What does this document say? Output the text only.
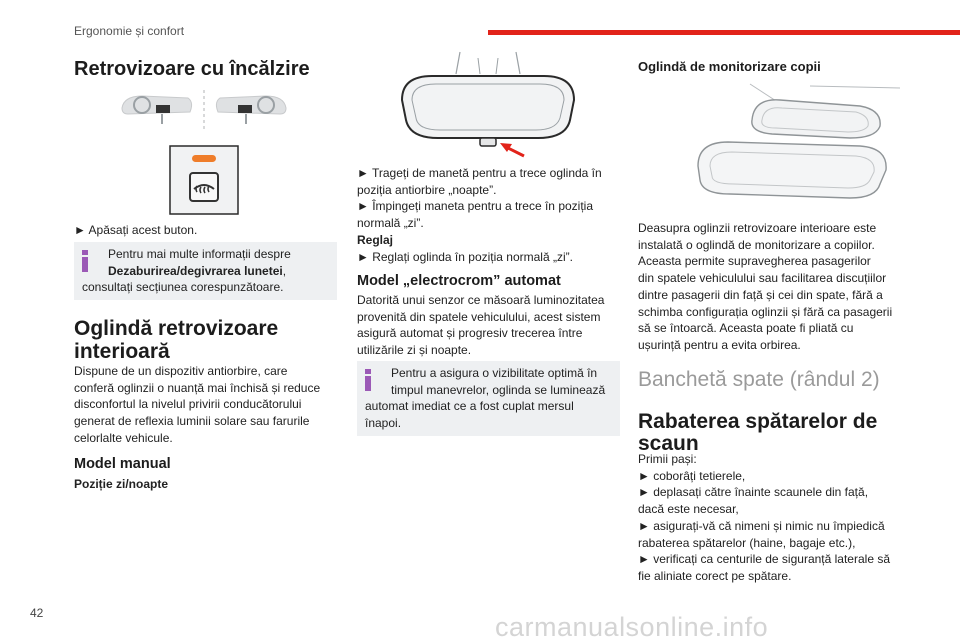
Ergonomie și confort
Retrovizoare cu încălzire

► Apăsați acest buton.

Pentru mai multe informații despre
Dezaburirea/degivrarea lunetei,
consultați secțiunea corespunzătoare.
Oglindă retrovizoare
interioară

Dispune de un dispozitiv antiorbire, care

conferă oglinzii o nuanță mai închisă și reduce

disconfortul la nivelul privirii conducătorului

generat de reflexia luminii solare sau farurile

celorlalte vehicule.

Model manual

Poziție zi/noapte

► Trageți de manetă pentru a trece oglinda în

poziția antiorbire „noapte”.

► Împingeți maneta pentru a trece în poziția

normală „zi”.

Reglaj

► Reglați oglinda în poziția normală „zi”.

Model „electrocrom” automat

Datorită unui senzor ce măsoară luminozitatea

provenită din spatele vehiculului, acest sistem

asigură automat și progresiv trecerea între

utilizările zi și noapte.

Pentru a asigura o vizibilitate optimă în
timpul manevrelor, oglinda se luminează
automat imediat ce a fost cuplat mersul
înapoi.
Oglindă de monitorizare copii

Deasupra oglinzii retrovizoare interioare este

instalată o oglindă de monitorizare a copiilor.

Aceasta permite supravegherea pasagerilor

din spatele vehiculului sau facilitarea discuțiilor

dintre pasagerii din față și cei din spate, fără a

schimba configurația oglinzii și fără ca pasagerii

să se întoarcă. Aceasta poate fi pliată cu

ușurință pentru a evita orbirea.

Banchetă spate (rândul 2)
Rabaterea spătarelor de
scaun

Primii pași:

► coborâți tetierele,

► deplasați către înainte scaunele din față,

dacă este necesar,

► asigurați-vă că nimeni și nimic nu împiedică

rabaterea spătarelor (haine, bagaje etc.),

► verificați ca centurile de siguranță laterale să

fie aliniate corect pe spătare.

42	carmanualsonline.info
